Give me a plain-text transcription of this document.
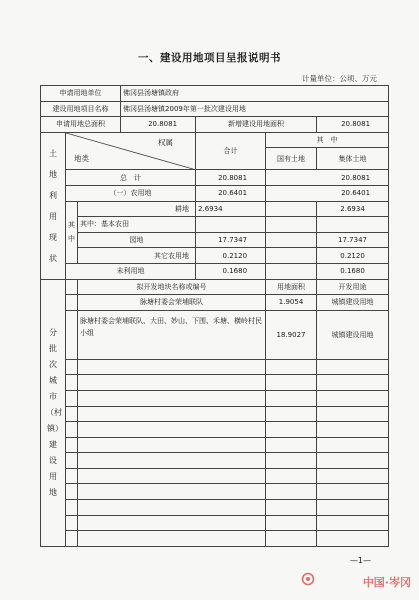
一、建设用地项目呈报说明书
计量单位：公顷、万元
申请用地单位			佛冈县汤塘镇政府			
建设用地项目名称			佛冈县汤塘镇2009年第一批次建设用地			
申请用地总面积			20.8081	新增建设用地面积		20.8081
土地利用现状	权属
地类			合计	其　中	
					国有土地	集体土地
	总　计			20.8081	20.8081	
	（一）农用地			20.6401	20.6401	
	其中	耕地		2.6934		2.6934
		其中：基本农田				
		园地		17.7347		17.7347
		其它农用地		0.2120		0.2120
	未利用地			0.1680		0.1680
分批次城市（村镇）建设用地		拟开发地块名称或编号			用地面积	开发用途
		脉塘村委会荣埔联队			1.9054	城镇建设用地
		脉塘村委会荣埔联队、大田、妙山、下围、禾塘、横岭村民小组			18.9027	城镇建设用地

—1—
中国·岑冈
